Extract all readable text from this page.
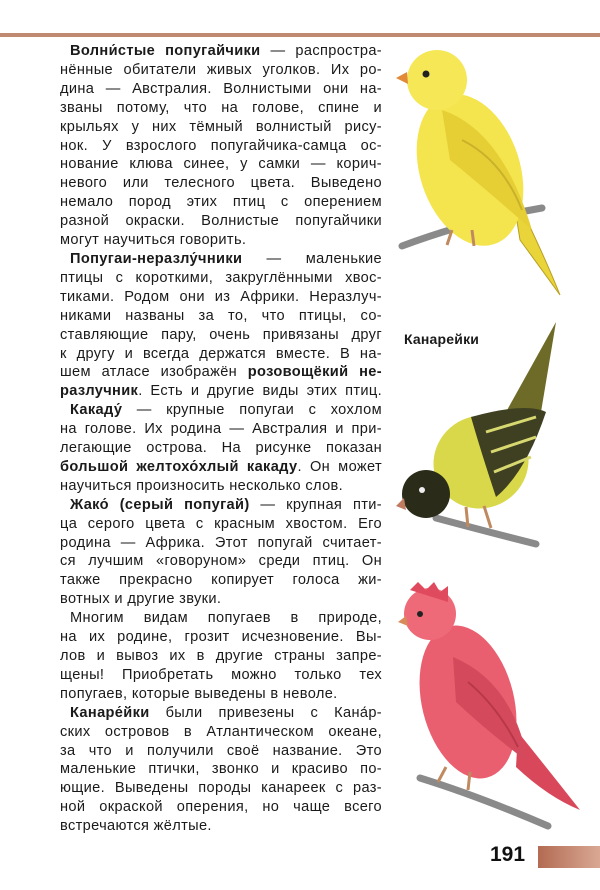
Волни́стые попугайчики — распростра-
нённые обитатели живых уголков. Их ро-
дина — Австралия. Волнистыми они на-
званы потому, что на голове, спине и
крыльях у них тёмный волнистый рису-
нок. У взрослого попугайчика-самца ос-
нование клюва синее, у самки — корич-
невого или телесного цвета. Выведено
немало пород этих птиц с оперением
разной окраски. Волнистые попугайчики
могут научиться говорить.
Попугаи-неразлу́чники — маленькие
птицы с короткими, закруглёнными хвос-
тиками. Родом они из Африки. Неразлуч-
никами названы за то, что птицы, со-
ставляющие пару, очень привязаны друг
к другу и всегда держатся вместе. В на-
шем атласе изображён розовощёкий не-
разлучник. Есть и другие виды этих птиц.
Какаду́ — крупные попугаи с хохлом
на голове. Их родина — Австралия и при-
легающие острова. На рисунке показан
большой желтохо́хлый какаду. Он может
научиться произносить несколько слов.
Жако́ (серый попугай) — крупная пти-
ца серого цвета с красным хвостом. Его
родина — Африка. Этот попугай считает-
ся лучшим «говоруном» среди птиц. Он
также прекрасно копирует голоса жи-
вотных и другие звуки.
Многим видам попугаев в природе,
на их родине, грозит исчезновение. Вы-
лов и вывоз их в другие страны запре-
щены! Приобретать можно только тех
попугаев, которые выведены в неволе.
Канаре́йки были привезены с Кана́р-
ских островов в Атлантическом океане,
за что и получили своё название. Это
маленькие птички, звонко и красиво по-
ющие. Выведены породы канареек с раз-
ной окраской оперения, но чаще всего
встречаются жёлтые.
Канарейки
191
